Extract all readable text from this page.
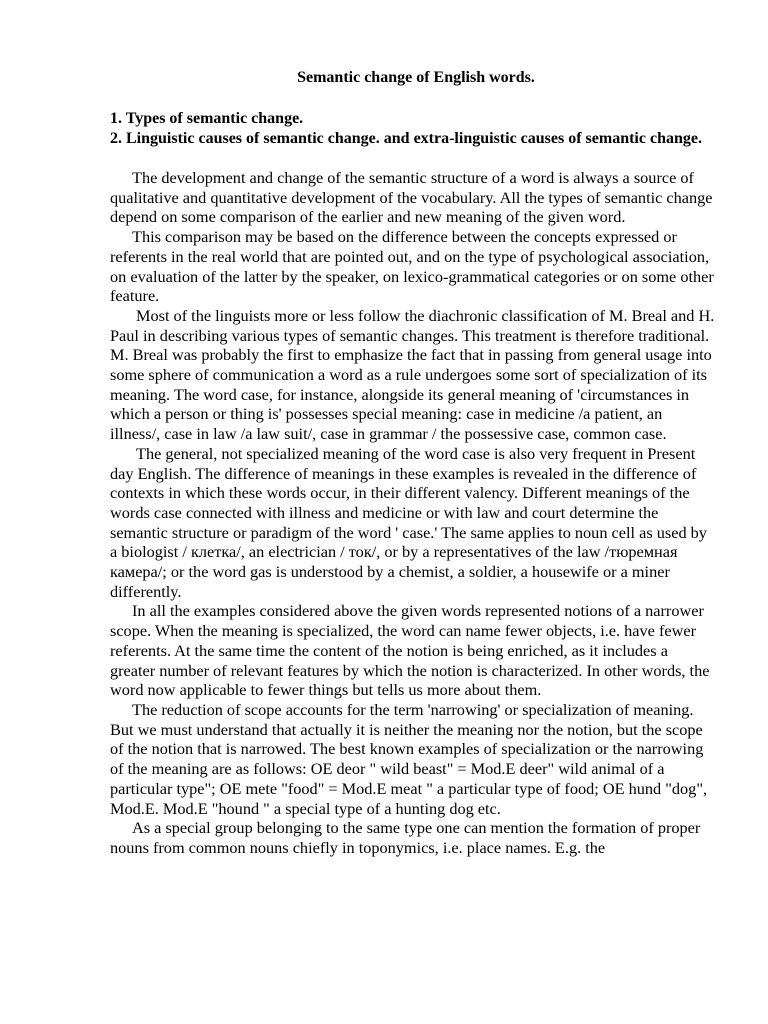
Semantic change of English words.

1. Types of semantic change.

2. Linguistic causes of semantic change. and extra-linguistic causes of semantic change.

The development and change of the semantic structure of a word is always a source of qualitative and quantitative development of the vocabulary. All the types of semantic change depend on some comparison of the earlier and new meaning of the given word.

This comparison may be based on the difference between the concepts expressed or referents in the real world that are pointed out, and on the type of psychological association, on evaluation of the latter by the speaker, on lexico-grammatical categories or on some other feature.

Most of the linguists more or less follow the diachronic classification of M. Breal and H. Paul in describing various types of semantic changes. This treatment is therefore traditional. M. Breal was probably the first to emphasize the fact that in passing from general usage into some sphere of communication a word as a rule undergoes some sort of specialization of its meaning. The word case, for instance, alongside its general meaning of 'circumstances in which a person or thing is' possesses special meaning: case in medicine /a patient, an illness/, case in law /a law suit/, case in grammar / the possessive case, common case.

The general, not specialized meaning of the word case is also very frequent in Present day English. The difference of meanings in these examples is revealed in the difference of contexts in which these words occur, in their different valency. Different meanings of the words case connected with illness and medicine or with law and court determine the semantic structure or paradigm of the word ' case.' The same applies to noun cell as used by a biologist / клетка/, an electrician / ток/, or by a representatives of the law /тюремная камера/; or the word gas is understood by a chemist, a soldier, a housewife or a miner differently.

In all the examples considered above the given words represented notions of a narrower scope. When the meaning is specialized, the word can name fewer objects, i.e. have fewer referents. At the same time the content of the notion is being enriched, as it includes a greater number of relevant features by which the notion is characterized. In other words, the word now applicable to fewer things but tells us more about them.

The reduction of scope accounts for the term 'narrowing' or specialization of meaning. But we must understand that actually it is neither the meaning nor the notion, but the scope of the notion that is narrowed. The best known examples of specialization or the narrowing of the meaning are as follows: OE deor " wild beast" = Mod.E deer" wild animal of a particular type"; OE mete "food" = Mod.E meat " a particular type of food; OE hund "dog", Mod.E. Mod.E "hound " a special type of a hunting dog etc.

As a special group belonging to the same type one can mention the formation of proper nouns from common nouns chiefly in toponymics, i.e. place names. E.g. the
